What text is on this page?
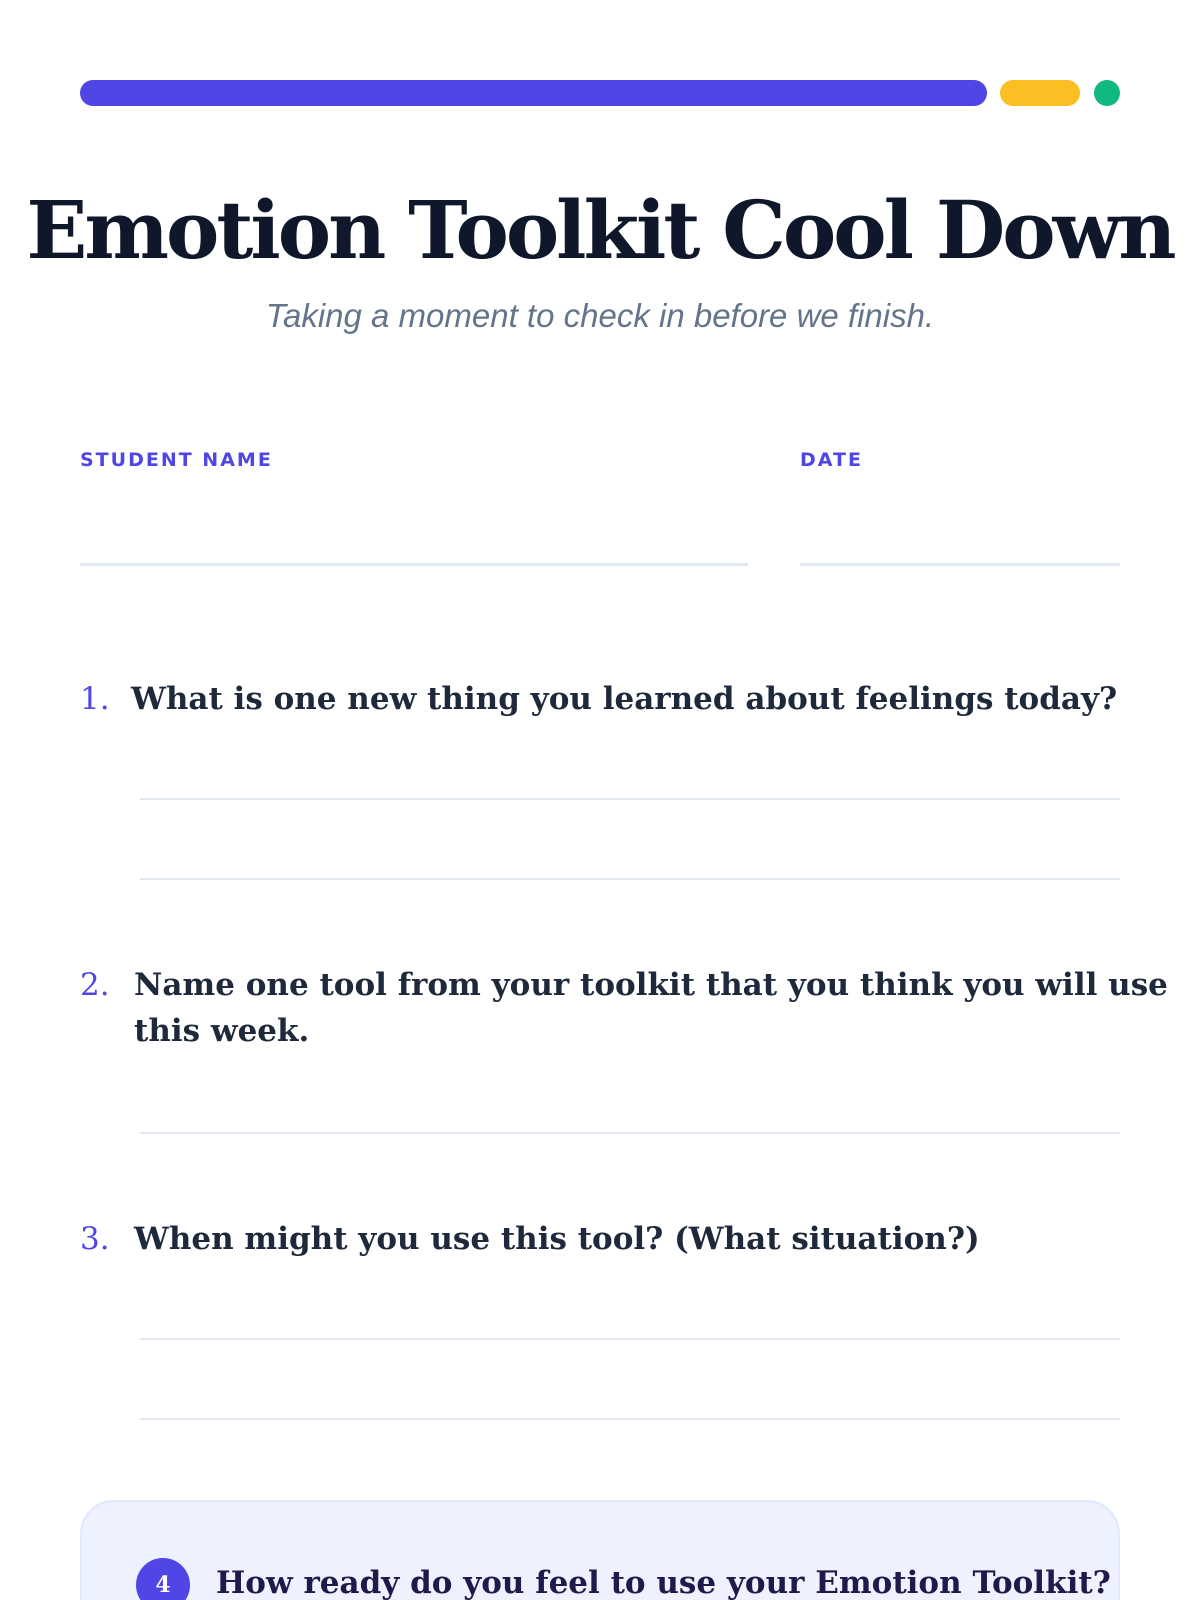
Emotion Toolkit Cool Down

Taking a moment to check in before we finish.

STUDENT NAME	DATE
1. What is one new thing you learned about feelings today?
2. Name one tool from your toolkit that you think you will use
this week.
3. When might you use this tool? (What situation?)
4	How ready do you feel to use your Emotion Toolkit?
